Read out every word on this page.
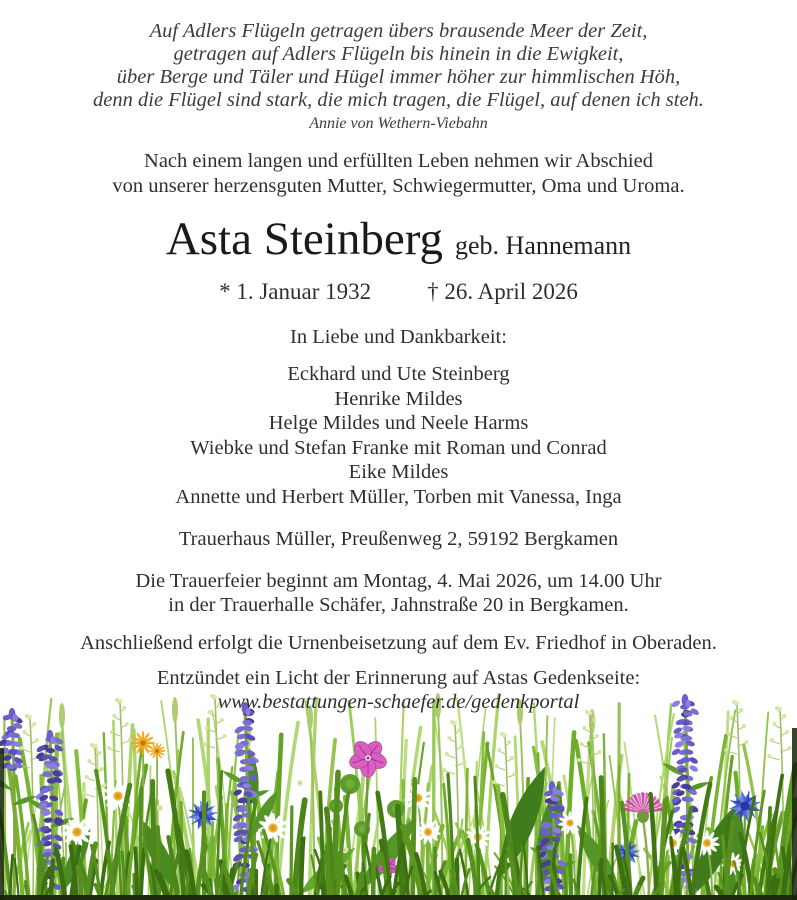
Auf Adlers Flügeln getragen übers brausende Meer der Zeit,
getragen auf Adlers Flügeln bis hinein in die Ewigkeit,
über Berge und Täler und Hügel immer höher zur himmlischen Höh,
denn die Flügel sind stark, die mich tragen, die Flügel, auf denen ich steh.
Annie von Wethern-Viebahn
Nach einem langen und erfüllten Leben nehmen wir Abschied
von unserer herzensguten Mutter, Schwiegermutter, Oma und Uroma.
Asta Steinberg geb. Hannemann
* 1. Januar 1932 † 26. April 2026
In Liebe und Dankbarkeit:
Eckhard und Ute Steinberg
Henrike Mildes
Helge Mildes und Neele Harms
Wiebke und Stefan Franke mit Roman und Conrad
Eike Mildes
Annette und Herbert Müller, Torben mit Vanessa, Inga
Trauerhaus Müller, Preußenweg 2, 59192 Bergkamen
Die Trauerfeier beginnt am Montag, 4. Mai 2026, um 14.00 Uhr
in der Trauerhalle Schäfer, Jahnstraße 20 in Bergkamen.
Anschließend erfolgt die Urnenbeisetzung auf dem Ev. Friedhof in Oberaden.
Entzündet ein Licht der Erinnerung auf Astas Gedenkseite:
www.bestattungen-schaefer.de/gedenkportal
